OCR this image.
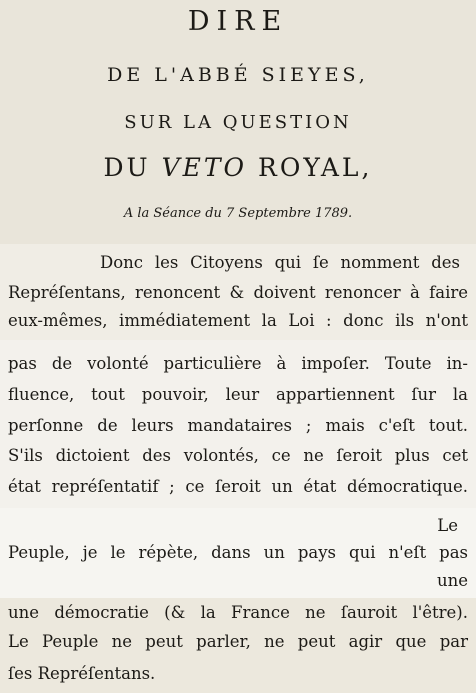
DIRE
DE L'ABBÉ SIEYES,
SUR LA QUESTION
DU VETO ROYAL,
A la Séance du 7 Septembre 1789.

Donc les Citoyens qui ſe nomment des

Repréſentans, renoncent & doivent renoncer à faire

eux-mêmes, immédiatement la Loi : donc ils n'ont

pas de volonté particulière à impoſer. Toute in-

fluence, tout pouvoir, leur appartiennent ſur la

perſonne de leurs mandataires ; mais c'eſt tout.

S'ils dictoient des volontés, ce ne ſeroit plus cet

état repréſentatif ; ce ſeroit un état démocratique.

Le

Peuple, je le répète, dans un pays qui n'eſt pas

une

une démocratie (& la France ne ſauroit l'être).

Le Peuple ne peut parler, ne peut agir que par

ſes Repréſentans.
